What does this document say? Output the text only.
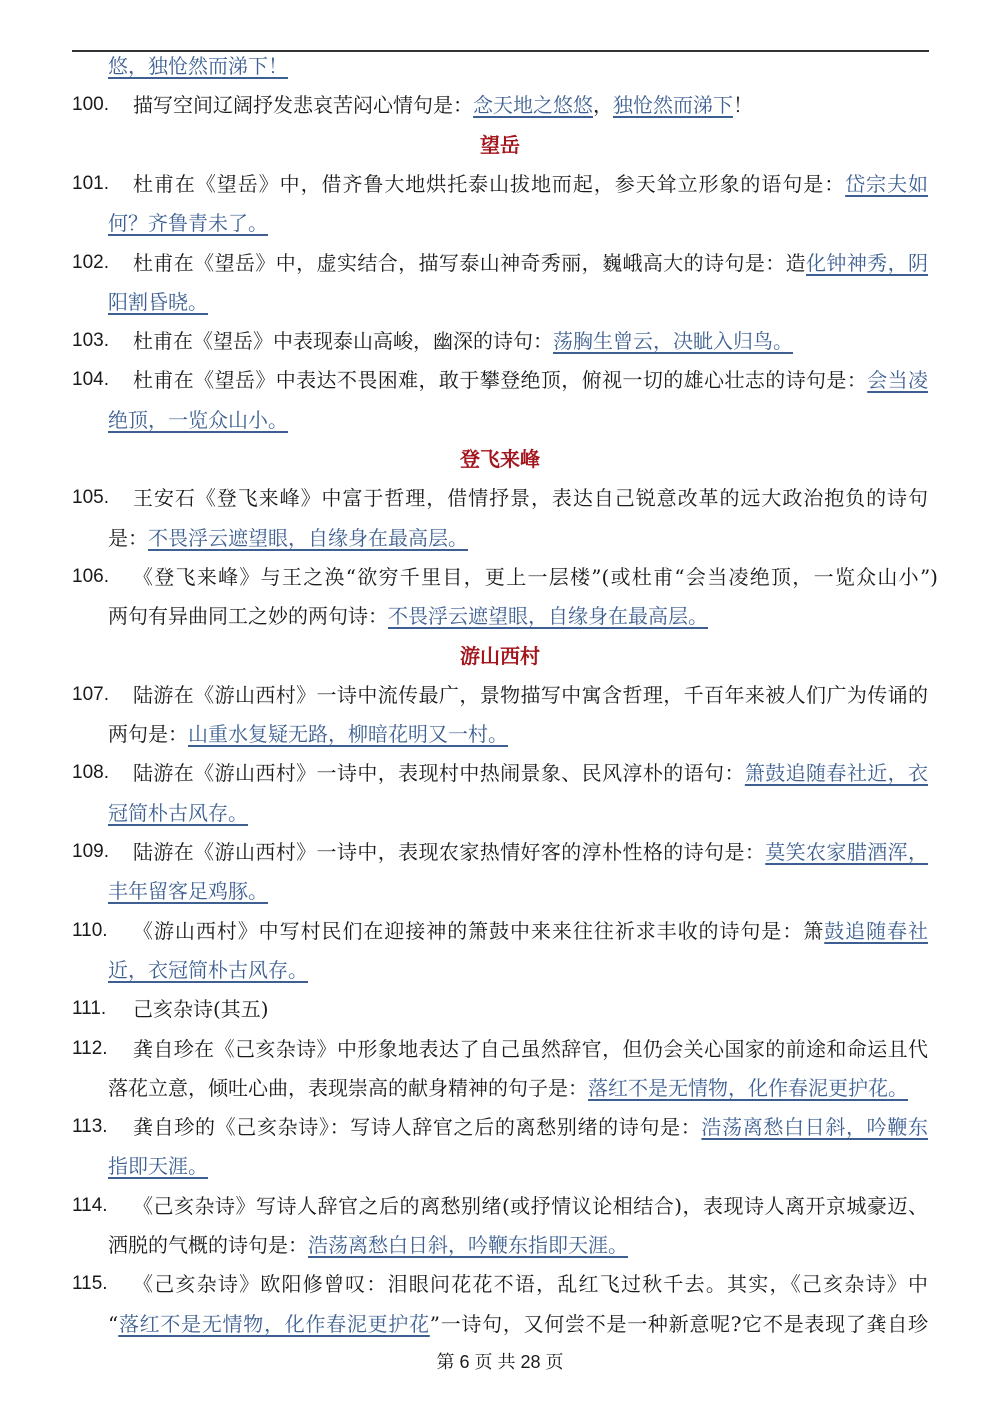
悠，独怆然而涕下！
100. 描写空间辽阔抒发悲哀苦闷心情句是：念天地之悠悠，独怆然而涕下！
望岳
101. 杜甫在《望岳》中，借齐鲁大地烘托泰山拔地而起，参天耸立形象的语句是：岱宗夫如
何？齐鲁青未了。
102. 杜甫在《望岳》中，虚实结合，描写泰山神奇秀丽，巍峨高大的诗句是：造化钟神秀，阴
阳割昏晓。
103. 杜甫在《望岳》中表现泰山高峻，幽深的诗句：荡胸生曾云，决眦入归鸟。
104. 杜甫在《望岳》中表达不畏困难，敢于攀登绝顶，俯视一切的雄心壮志的诗句是：会当凌
绝顶，一览众山小。
登飞来峰
105. 王安石《登飞来峰》中富于哲理，借情抒景，表达自己锐意改革的远大政治抱负的诗句
是：不畏浮云遮望眼，自缘身在最高层。
106. 《登飞来峰》与王之涣“欲穷千里目，更上一层楼”(或杜甫“会当凌绝顶，一览众山小”)
两句有异曲同工之妙的两句诗：不畏浮云遮望眼，自缘身在最高层。
游山西村
107. 陆游在《游山西村》一诗中流传最广，景物描写中寓含哲理，千百年来被人们广为传诵的
两句是：山重水复疑无路，柳暗花明又一村。
108. 陆游在《游山西村》一诗中，表现村中热闹景象、民风淳朴的语句：箫鼓追随春社近，衣
冠简朴古风存。
109. 陆游在《游山西村》一诗中，表现农家热情好客的淳朴性格的诗句是：莫笑农家腊酒浑，
丰年留客足鸡豚。
110. 《游山西村》中写村民们在迎接神的箫鼓中来来往往祈求丰收的诗句是：箫鼓追随春社
近，衣冠简朴古风存。
111. 己亥杂诗(其五)
112. 龚自珍在《己亥杂诗》中形象地表达了自己虽然辞官，但仍会关心国家的前途和命运且代
落花立意，倾吐心曲，表现崇高的献身精神的句子是：落红不是无情物，化作春泥更护花。
113. 龚自珍的《己亥杂诗》：写诗人辞官之后的离愁别绪的诗句是：浩荡离愁白日斜，吟鞭东
指即天涯。
114. 《己亥杂诗》写诗人辞官之后的离愁别绪(或抒情议论相结合)，表现诗人离开京城豪迈、
洒脱的气概的诗句是：浩荡离愁白日斜，吟鞭东指即天涯。
115. 《己亥杂诗》欧阳修曾叹：泪眼问花花不语，乱红飞过秋千去。其实，《己亥杂诗》中
“落红不是无情物，化作春泥更护花”一诗句，又何尝不是一种新意呢?它不是表现了龚自珍
第 6 页 共 28 页
